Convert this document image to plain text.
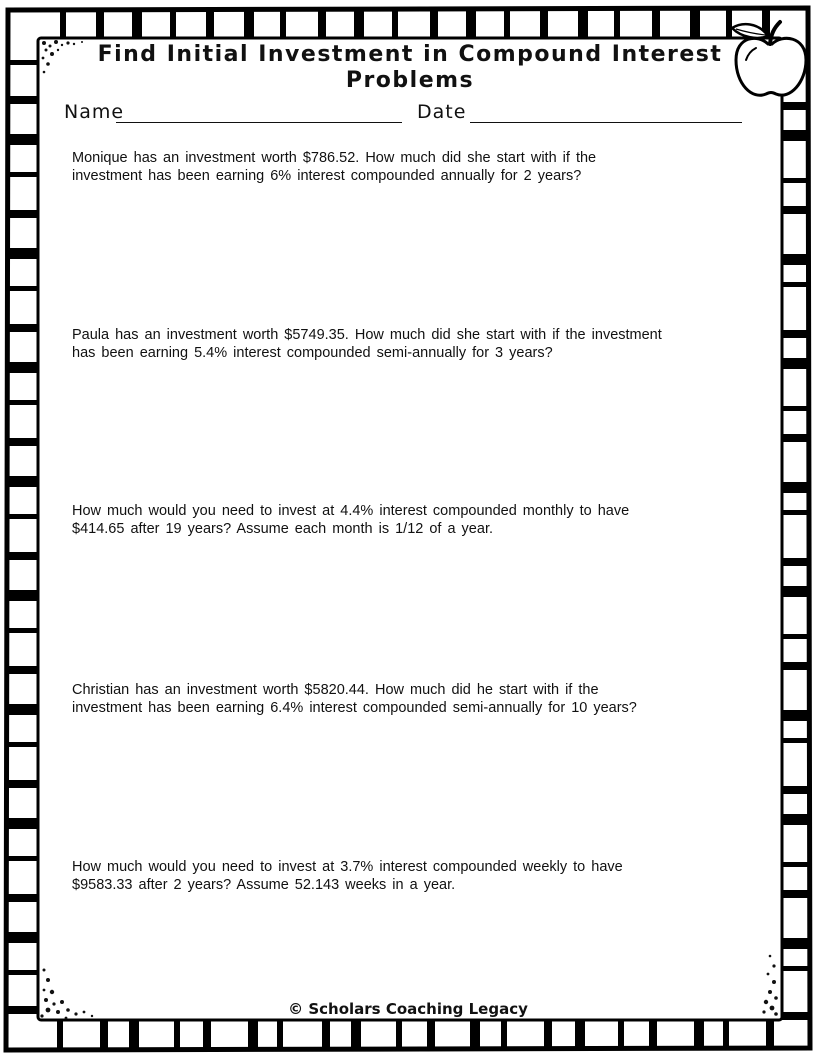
Find Initial Investment in Compound Interest
Problems
Name	Date
Monique has an investment worth $786.52. How much did she start with if the
investment has been earning 6% interest compounded annually for 2 years?
Paula has an investment worth $5749.35. How much did she start with if the investment
has been earning 5.4% interest compounded semi-annually for 3 years?
How much would you need to invest at 4.4% interest compounded monthly to have
$414.65 after 19 years? Assume each month is 1/12 of a year.
Christian has an investment worth $5820.44. How much did he start with if the
investment has been earning 6.4% interest compounded semi-annually for 10 years?
How much would you need to invest at 3.7% interest compounded weekly to have
$9583.33 after 2 years? Assume 52.143 weeks in a year.
© Scholars Coaching Legacy
